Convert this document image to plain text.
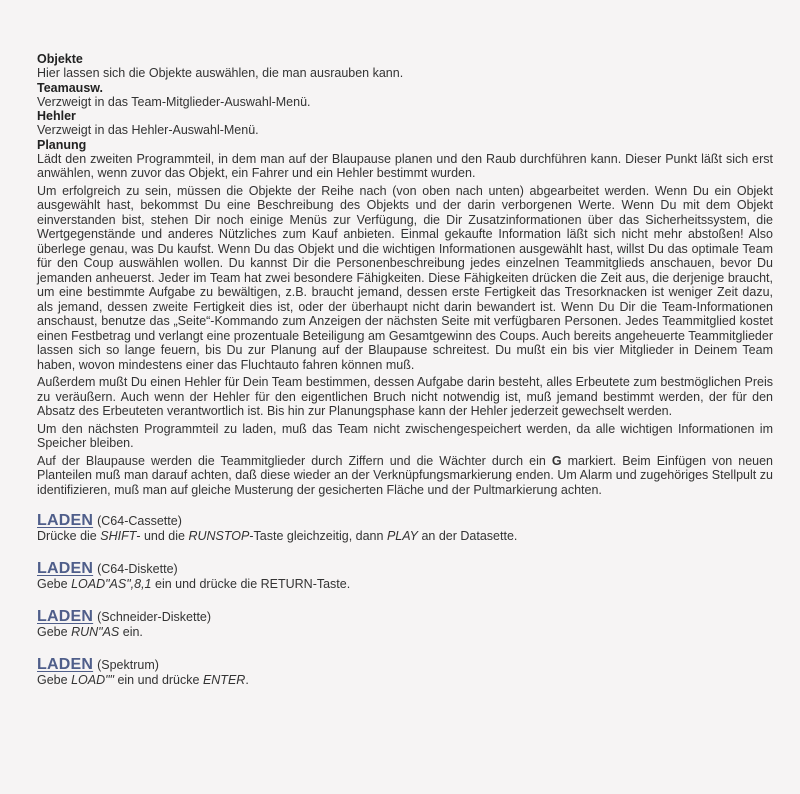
Objekte
Hier lassen sich die Objekte auswählen, die man ausrauben kann.
Teamausw.
Verzweigt in das Team-Mitglieder-Auswahl-Menü.
Hehler
Verzweigt in das Hehler-Auswahl-Menü.
Planung
Lädt den zweiten Programmteil, in dem man auf der Blaupause planen und den Raub durchführen kann. Dieser Punkt läßt sich erst anwählen, wenn zuvor das Objekt, ein Fahrer und ein Hehler bestimmt wurden.
Um erfolgreich zu sein, müssen die Objekte der Reihe nach (von oben nach unten) abgearbeitet werden. Wenn Du ein Objekt ausgewählt hast, bekommst Du eine Beschreibung des Objekts und der darin verborgenen Werte. Wenn Du mit dem Objekt einverstanden bist, stehen Dir noch einige Menüs zur Verfügung, die Dir Zusatzinformationen über das Sicherheitssystem, die Wertgegenstände und anderes Nützliches zum Kauf anbieten. Einmal gekaufte Information läßt sich nicht mehr abstoßen! Also überlege genau, was Du kaufst. Wenn Du das Objekt und die wichtigen Informationen ausgewählt hast, willst Du das optimale Team für den Coup auswählen wollen. Du kannst Dir die Personenbeschreibung jedes einzelnen Teammitglieds anschauen, bevor Du jemanden anheuerst. Jeder im Team hat zwei besondere Fähigkeiten. Diese Fähigkeiten drücken die Zeit aus, die derjenige braucht, um eine bestimmte Aufgabe zu bewältigen, z.B. braucht jemand, dessen erste Fertigkeit das Tresorknacken ist weniger Zeit dazu, als jemand, dessen zweite Fertigkeit dies ist, oder der überhaupt nicht darin bewandert ist. Wenn Du Dir die Team-Informationen anschaust, benutze das „Seite“-Kommando zum Anzeigen der nächsten Seite mit verfügbaren Personen. Jedes Teammitglied kostet einen Festbetrag und verlangt eine prozentuale Beteiligung am Gesamtgewinn des Coups. Auch bereits angeheuerte Teammitglieder lassen sich so lange feuern, bis Du zur Planung auf der Blaupause schreitest. Du mußt ein bis vier Mitglieder in Deinem Team haben, wovon mindestens einer das Fluchtauto fahren können muß.
Außerdem mußt Du einen Hehler für Dein Team bestimmen, dessen Aufgabe darin besteht, alles Erbeutete zum bestmöglichen Preis zu veräußern. Auch wenn der Hehler für den eigentlichen Bruch nicht notwendig ist, muß jemand bestimmt werden, der für den Absatz des Erbeuteten verantwortlich ist. Bis hin zur Planungsphase kann der Hehler jederzeit gewechselt werden.
Um den nächsten Programmteil zu laden, muß das Team nicht zwischengespeichert werden, da alle wichtigen Informationen im Speicher bleiben.
Auf der Blaupause werden die Teammitglieder durch Ziffern und die Wächter durch ein G markiert. Beim Einfügen von neuen Planteilen muß man darauf achten, daß diese wieder an der Verknüpfungsmarkierung enden. Um Alarm und zugehöriges Stellpult zu identifizieren, muß man auf gleiche Musterung der gesicherten Fläche und der Pultmarkierung achten.
LADEN (C64-Cassette)
Drücke die SHIFT- und die RUNSTOP-Taste gleichzeitig, dann PLAY an der Datasette.
LADEN (C64-Diskette)
Gebe LOAD"AS",8,1 ein und drücke die RETURN-Taste.
LADEN (Schneider-Diskette)
Gebe RUN"AS ein.
LADEN (Spektrum)
Gebe LOAD"" ein und drücke ENTER.
